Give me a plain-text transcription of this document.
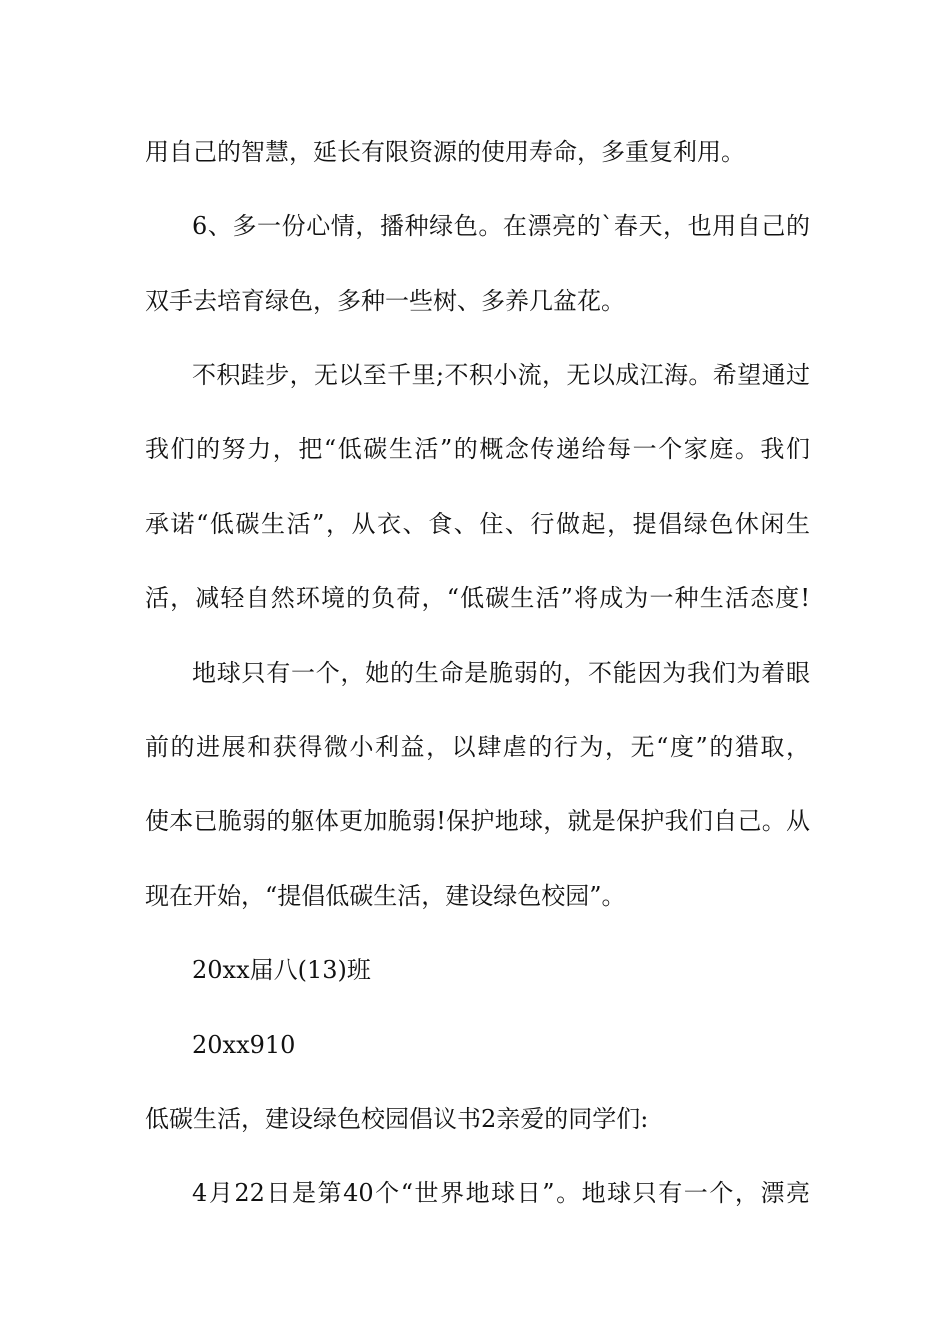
用自己的智慧，延长有限资源的使用寿命，多重复利用。
6、多一份心情，播种绿色。在漂亮的`春天，也用自己的
双手去培育绿色，多种一些树、多养几盆花。
不积跬步，无以至千里;不积小流，无以成江海。希望通过
我们的努力，把“低碳生活”的概念传递给每一个家庭。我们
承诺“低碳生活”，从衣、食、住、行做起，提倡绿色休闲生
活，减轻自然环境的负荷，“低碳生活”将成为一种生活态度!
地球只有一个，她的生命是脆弱的，不能因为我们为着眼
前的进展和获得微小利益，以肆虐的行为，无“度”的猎取，
使本已脆弱的躯体更加脆弱!保护地球，就是保护我们自己。从
现在开始，“提倡低碳生活，建设绿色校园”。
20xx届八(13)班
20xx910
低碳生活，建设绿色校园倡议书2亲爱的同学们:
4月22日是第40个“世界地球日”。地球只有一个，漂亮
